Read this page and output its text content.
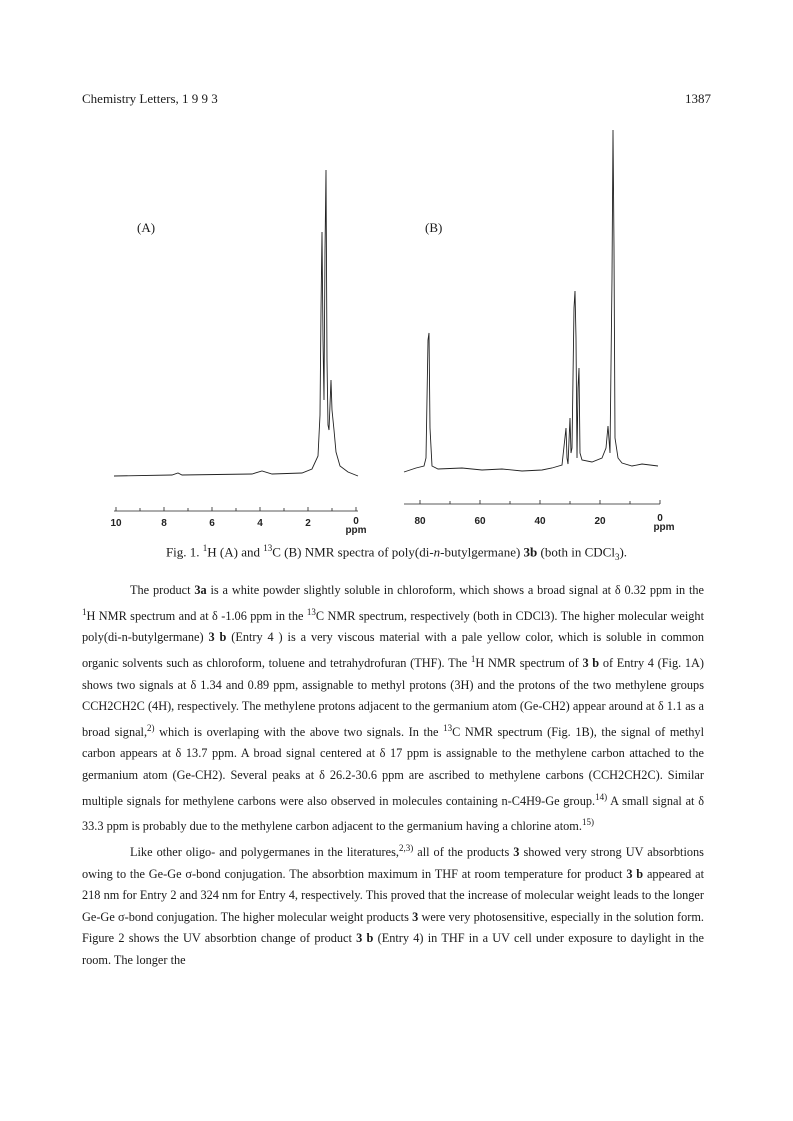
Chemistry Letters, 1 9 9 3	1387
10	8	6	4	2	0
ppm
(A)
80	60	40	20	0
ppm
(B)
Fig. 1. $^1$H (A) and $^{13}$C (B) NMR spectra of poly(di-n-butylgermane) 3b (both in CDCl$_3$).

The product 3a is a white powder slightly soluble in chloroform, which shows a broad signal at δ 0.32 ppm in the $^1$H NMR spectrum and at δ -1.06 ppm in the $^{13}$C NMR spectrum, respectively (both in CDCl3). The higher molecular weight poly(di-n-butylgermane) 3 b (Entry 4 ) is a very viscous material with a pale yellow color, which is soluble in common organic solvents such as chloroform, toluene and tetrahydrofuran (THF). The $^1$H NMR spectrum of 3 b of Entry 4 (Fig. 1A) shows two signals at δ 1.34 and 0.89 ppm, assignable to methyl protons (3H) and the protons of the two methylene groups CCH2CH2C (4H), respectively. The methylene protons adjacent to the germanium atom (Ge-CH2) appear around at δ 1.1 as a broad signal,$^{2)}$ which is overlaping with the above two signals. In the $^{13}$C NMR spectrum (Fig. 1B), the signal of methyl carbon appears at δ 13.7 ppm. A broad signal centered at δ 17 ppm is assignable to the methylene carbon attached to the germanium atom (Ge-CH2). Several peaks at δ 26.2-30.6 ppm are ascribed to methylene carbons (CCH2CH2C). Similar multiple signals for methylene carbons were also observed in molecules containing n-C4H9-Ge group.$^{14)}$ A small signal at δ 33.3 ppm is probably due to the methylene carbon adjacent to the germanium having a chlorine atom.$^{15)}$

Like other oligo- and polygermanes in the literatures,$^{2,3)}$ all of the products 3 showed very strong UV absorbtions owing to the Ge-Ge σ-bond conjugation. The absorbtion maximum in THF at room temperature for product 3 b appeared at 218 nm for Entry 2 and 324 nm for Entry 4, respectively. This proved that the increase of molecular weight leads to the longer Ge-Ge σ-bond conjugation. The higher molecular weight products 3 were very photosensitive, especially in the solution form. Figure 2 shows the UV absorbtion change of product 3 b (Entry 4) in THF in a UV cell under exposure to daylight in the room. The longer the
